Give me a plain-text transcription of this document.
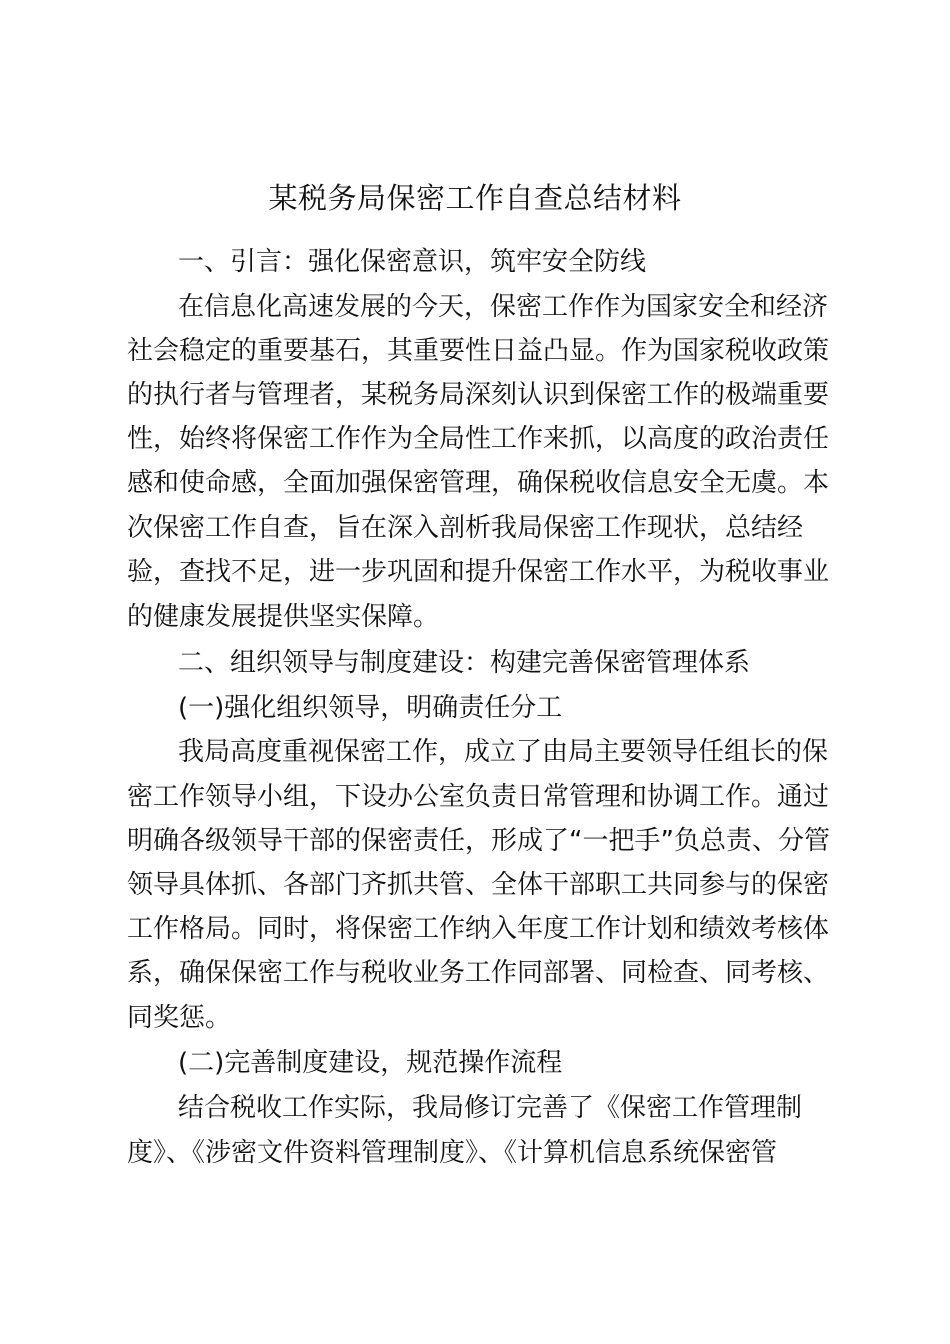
某税务局保密工作自查总结材料
一、引言：强化保密意识，筑牢安全防线
在信息化高速发展的今天，保密工作作为国家安全和经济
社会稳定的重要基石，其重要性日益凸显。作为国家税收政策
的执行者与管理者，某税务局深刻认识到保密工作的极端重要
性，始终将保密工作作为全局性工作来抓，以高度的政治责任
感和使命感，全面加强保密管理，确保税收信息安全无虞。本
次保密工作自查，旨在深入剖析我局保密工作现状，总结经
验，查找不足，进一步巩固和提升保密工作水平，为税收事业
的健康发展提供坚实保障。
二、组织领导与制度建设：构建完善保密管理体系
(一)强化组织领导，明确责任分工
我局高度重视保密工作，成立了由局主要领导任组长的保
密工作领导小组，下设办公室负责日常管理和协调工作。通过
明确各级领导干部的保密责任，形成了“一把手”负总责、分管
领导具体抓、各部门齐抓共管、全体干部职工共同参与的保密
工作格局。同时，将保密工作纳入年度工作计划和绩效考核体
系，确保保密工作与税收业务工作同部署、同检查、同考核、
同奖惩。
(二)完善制度建设，规范操作流程
结合税收工作实际，我局修订完善了《保密工作管理制
度》、《涉密文件资料管理制度》、《计算机信息系统保密管
